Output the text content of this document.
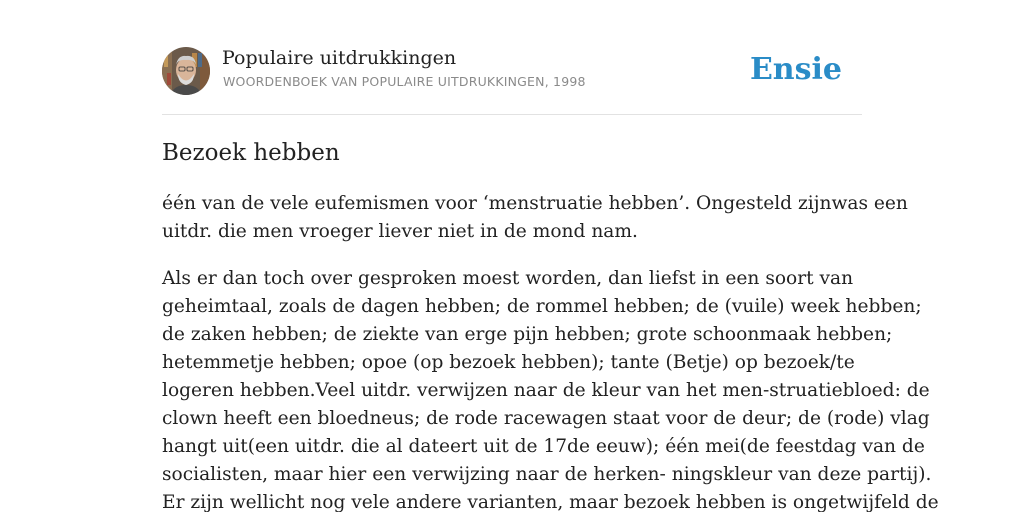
Populaire uitdrukkingen
WOORDENBOEK VAN POPULAIRE UITDRUKKINGEN, 1998	Ensie
Bezoek hebben

één van de vele eufemismen voor ‘menstruatie hebben’. Ongesteld zijnwas een
uitdr. die men vroeger liever niet in de mond nam.

Als er dan toch over gesproken moest worden, dan liefst in een soort van
geheimtaal, zoals de dagen hebben; de rommel hebben; de (vuile) week hebben;
de zaken hebben; de ziekte van erge pijn hebben; grote schoonmaak hebben;
hetemmetje hebben; opoe (op bezoek hebben); tante (Betje) op bezoek/te
logeren hebben.Veel uitdr. verwijzen naar de kleur van het men-struatiebloed: de
clown heeft een bloedneus; de rode racewagen staat voor de deur; de (rode) vlag
hangt uit(een uitdr. die al dateert uit de 17de eeuw); één mei(de feestdag van de
socialisten, maar hier een verwijzing naar de herken- ningskleur van deze partij).
Er zijn wellicht nog vele andere varianten, maar bezoek hebben is ongetwijfeld de
